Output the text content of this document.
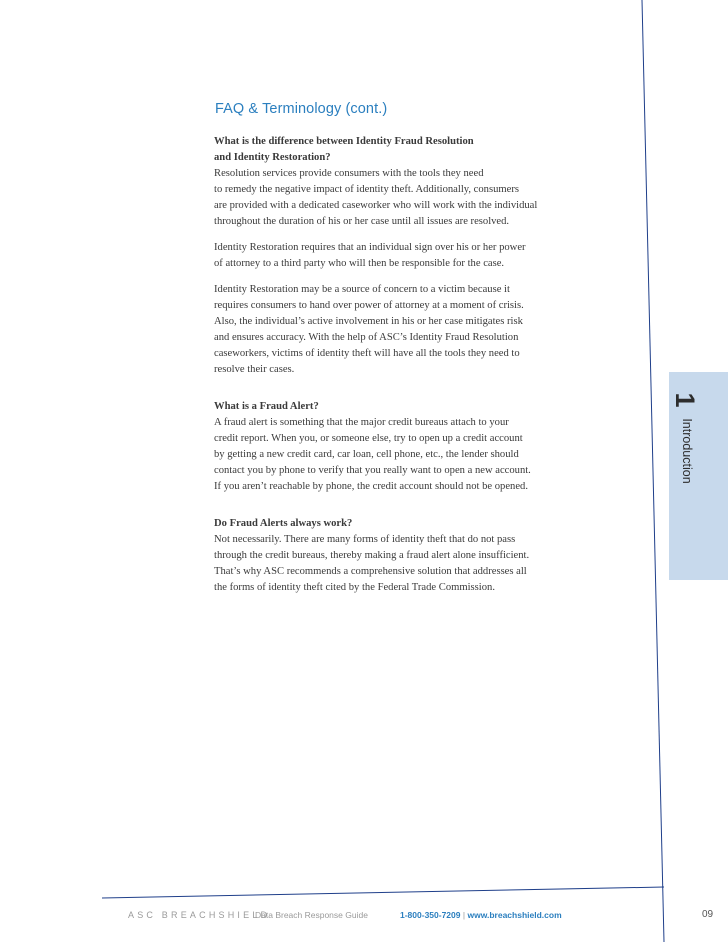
FAQ & Terminology (cont.)

What is the difference between Identity Fraud Resolution
and Identity Restoration?
Resolution services provide consumers with the tools they need
to remedy the negative impact of identity theft. Additionally, consumers
are provided with a dedicated caseworker who will work with the individual
throughout the duration of his or her case until all issues are resolved.

Identity Restoration requires that an individual sign over his or her power
of attorney to a third party who will then be responsible for the case.

Identity Restoration may be a source of concern to a victim because it
requires consumers to hand over power of attorney at a moment of crisis.
Also, the individual’s active involvement in his or her case mitigates risk
and ensures accuracy. With the help of ASC’s Identity Fraud Resolution
caseworkers, victims of identity theft will have all the tools they need to
resolve their cases.

What is a Fraud Alert?
A fraud alert is something that the major credit bureaus attach to your
credit report. When you, or someone else, try to open up a credit account
by getting a new credit card, car loan, cell phone, etc., the lender should
contact you by phone to verify that you really want to open a new account.
If you aren’t reachable by phone, the credit account should not be opened.

Do Fraud Alerts always work?
Not necessarily. There are many forms of identity theft that do not pass
through the credit bureaus, thereby making a fraud alert alone insufficient.
That’s why ASC recommends a comprehensive solution that addresses all
the forms of identity theft cited by the Federal Trade Commission.

1
Introduction
ASC BREACHSHIELD
Data Breach Response Guide	1-800-350-7209 | www.breachshield.com	09
